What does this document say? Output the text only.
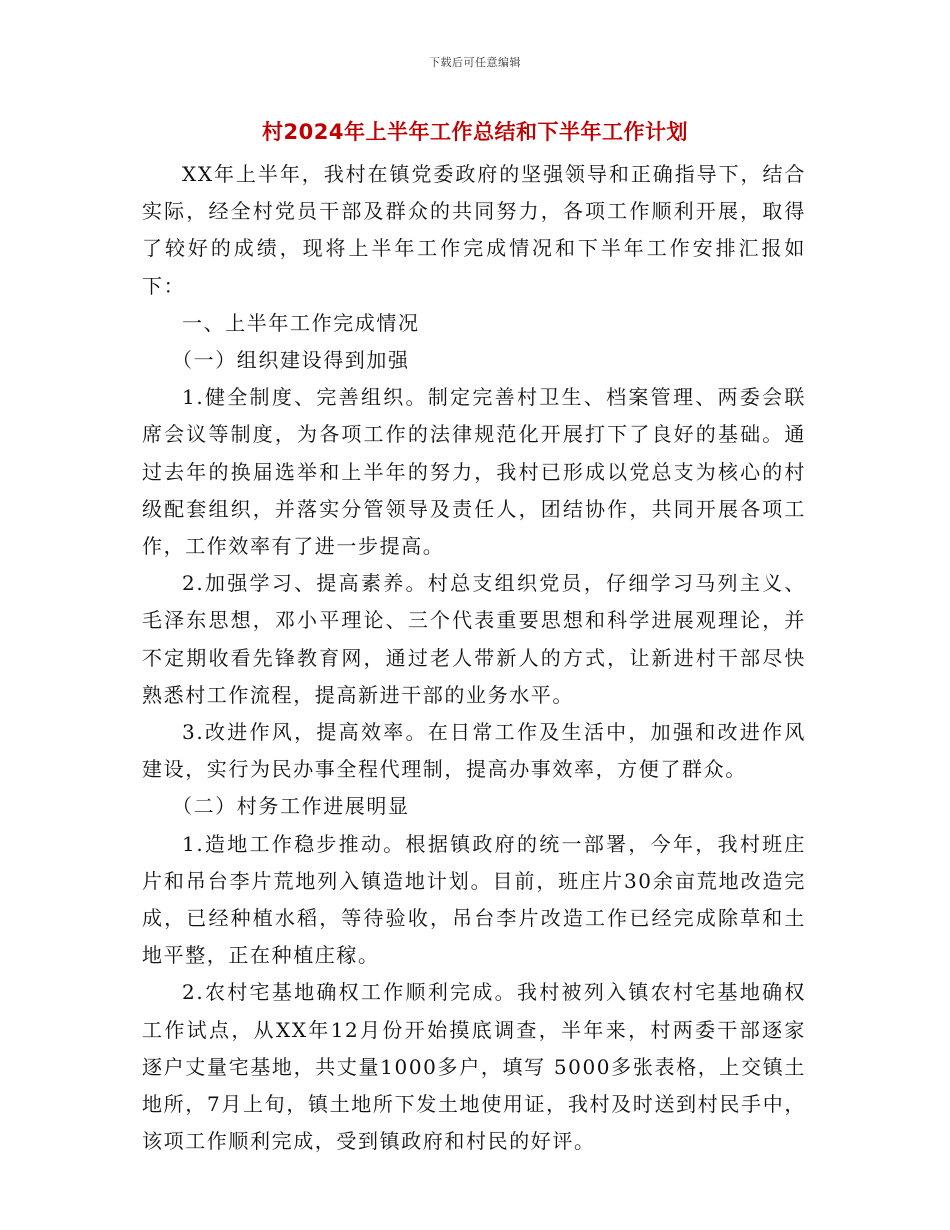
下载后可任意编辑
村2024年上半年工作总结和下半年工作计划

XX年上半年，我村在镇党委政府的坚强领导和正确指导下，结合实际，经全村党员干部及群众的共同努力，各项工作顺利开展，取得了较好的成绩，现将上半年工作完成情况和下半年工作安排汇报如下：

一、上半年工作完成情况

（一）组织建设得到加强

1.健全制度、完善组织。制定完善村卫生、档案管理、两委会联席会议等制度，为各项工作的法律规范化开展打下了良好的基础。通过去年的换届选举和上半年的努力，我村已形成以党总支为核心的村级配套组织，并落实分管领导及责任人，团结协作，共同开展各项工作，工作效率有了进一步提高。

2.加强学习、提高素养。村总支组织党员，仔细学习马列主义、毛泽东思想，邓小平理论、三个代表重要思想和科学进展观理论，并不定期收看先锋教育网，通过老人带新人的方式，让新进村干部尽快熟悉村工作流程，提高新进干部的业务水平。

3.改进作风，提高效率。在日常工作及生活中，加强和改进作风建设，实行为民办事全程代理制，提高办事效率，方便了群众。

（二）村务工作进展明显

1.造地工作稳步推动。根据镇政府的统一部署，今年，我村班庄片和吊台李片荒地列入镇造地计划。目前，班庄片30余亩荒地改造完成，已经种植水稻，等待验收，吊台李片改造工作已经完成除草和土地平整，正在种植庄稼。

2.农村宅基地确权工作顺利完成。我村被列入镇农村宅基地确权工作试点，从XX年12月份开始摸底调查，半年来，村两委干部逐家逐户丈量宅基地，共丈量1000多户，填写 5000多张表格，上交镇土地所，7月上旬，镇土地所下发土地使用证，我村及时送到村民手中，该项工作顺利完成，受到镇政府和村民的好评。
